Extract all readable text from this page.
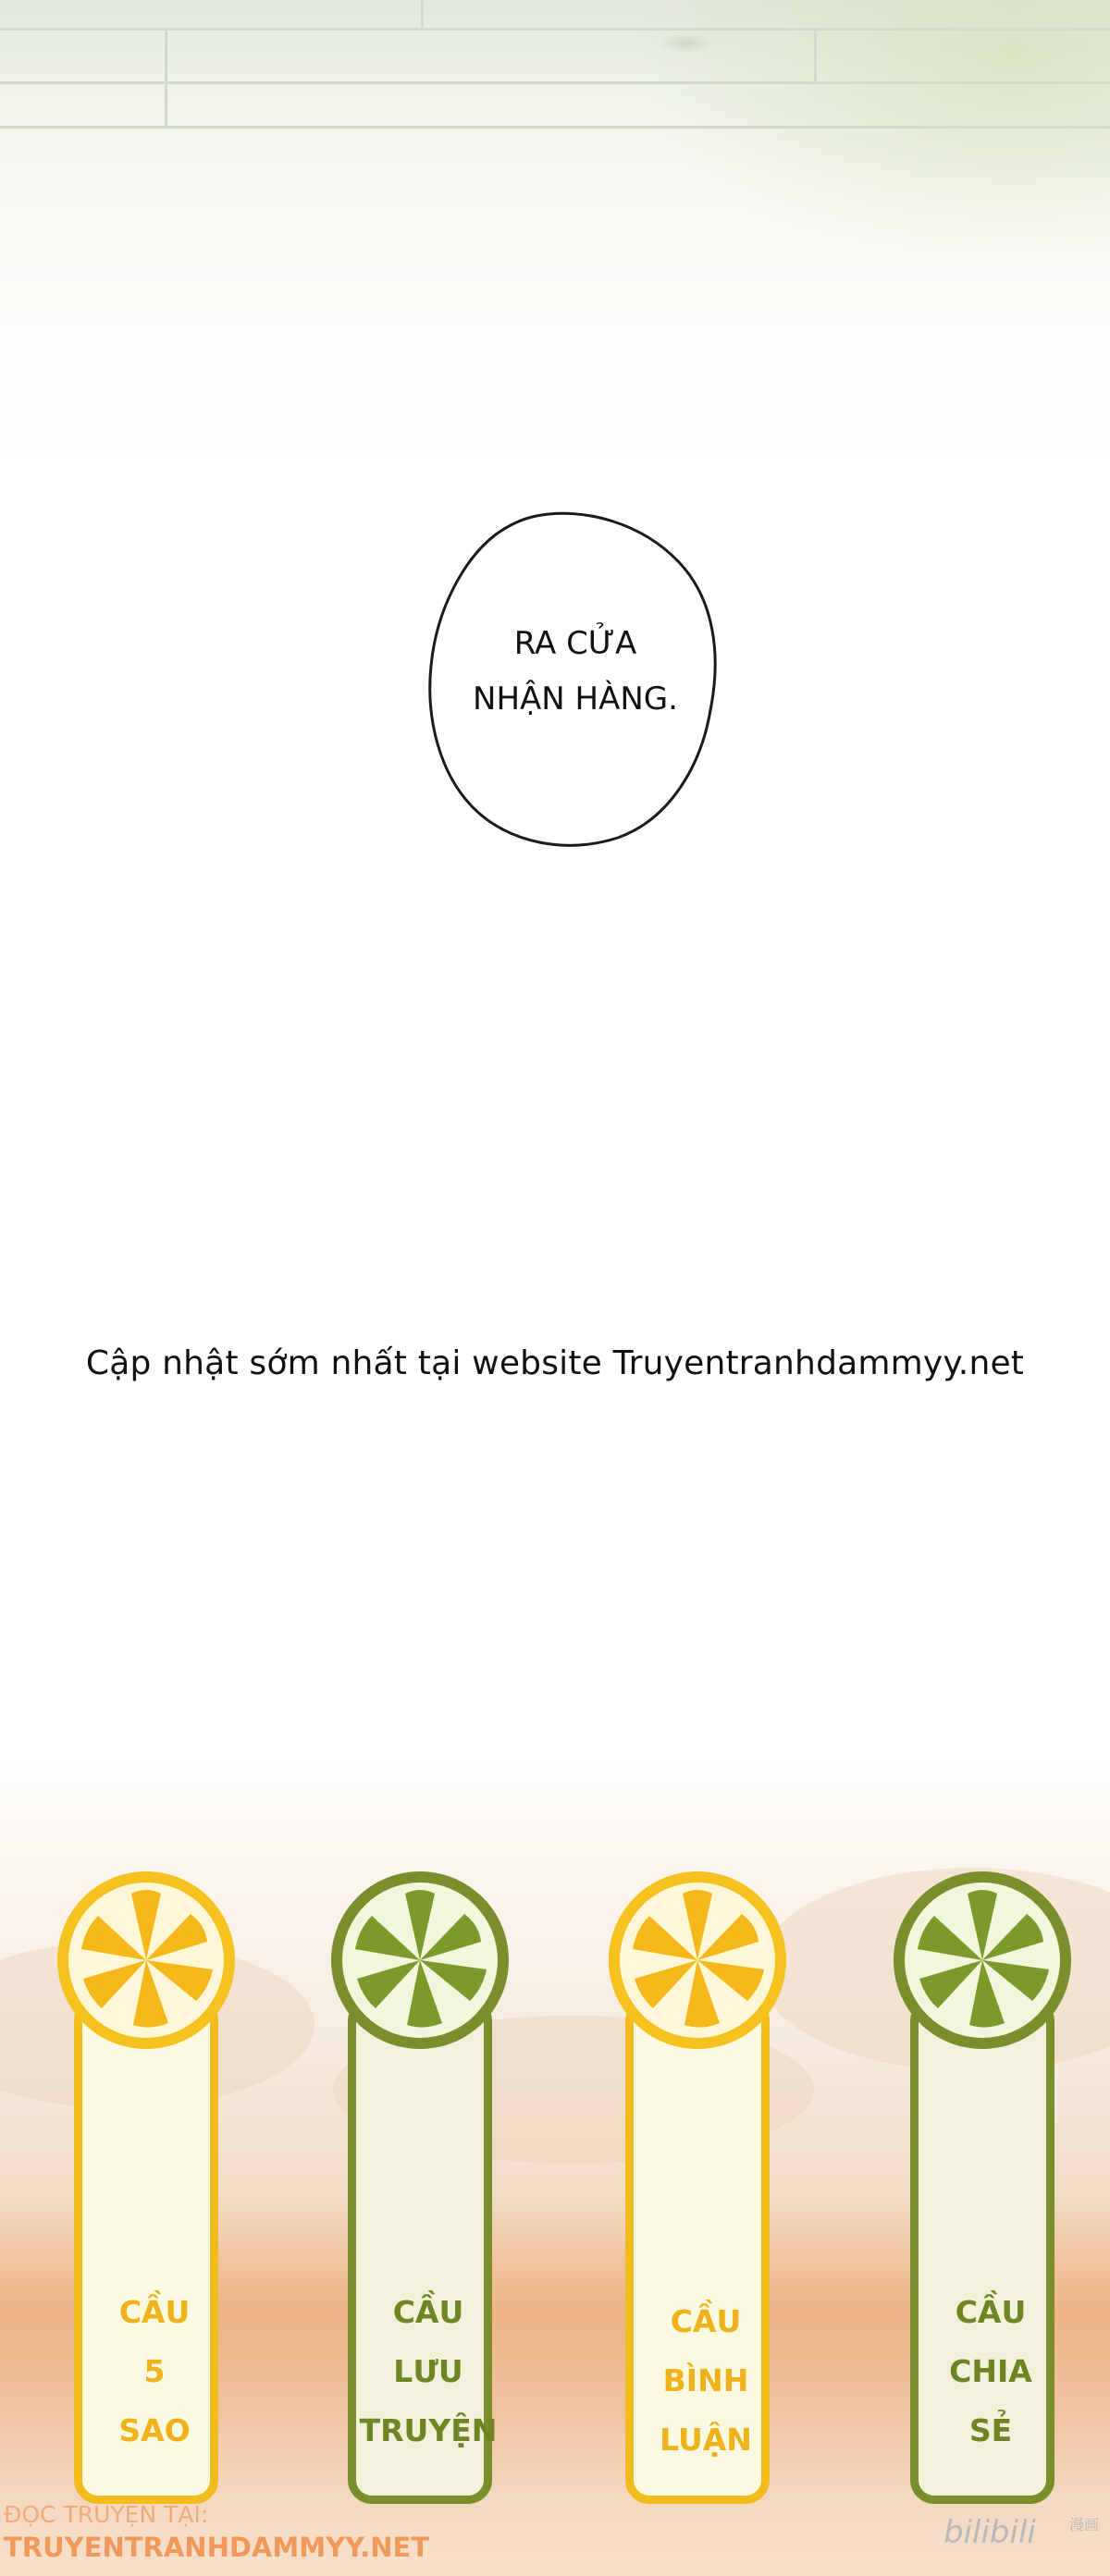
RA CỬA
NHẬN HÀNG.
Cập nhật sớm nhất tại website Truyentranhdammyy.net
CẦU
5
SAO
CẦU
LƯU
TRUYỆN
CẦU
BÌNH
LUẬN
CẦU
CHIA
SẺ
ĐỌC TRUYỆN TẠI:
TRUYENTRANHDAMMYY.NET	bilibili 漫画
